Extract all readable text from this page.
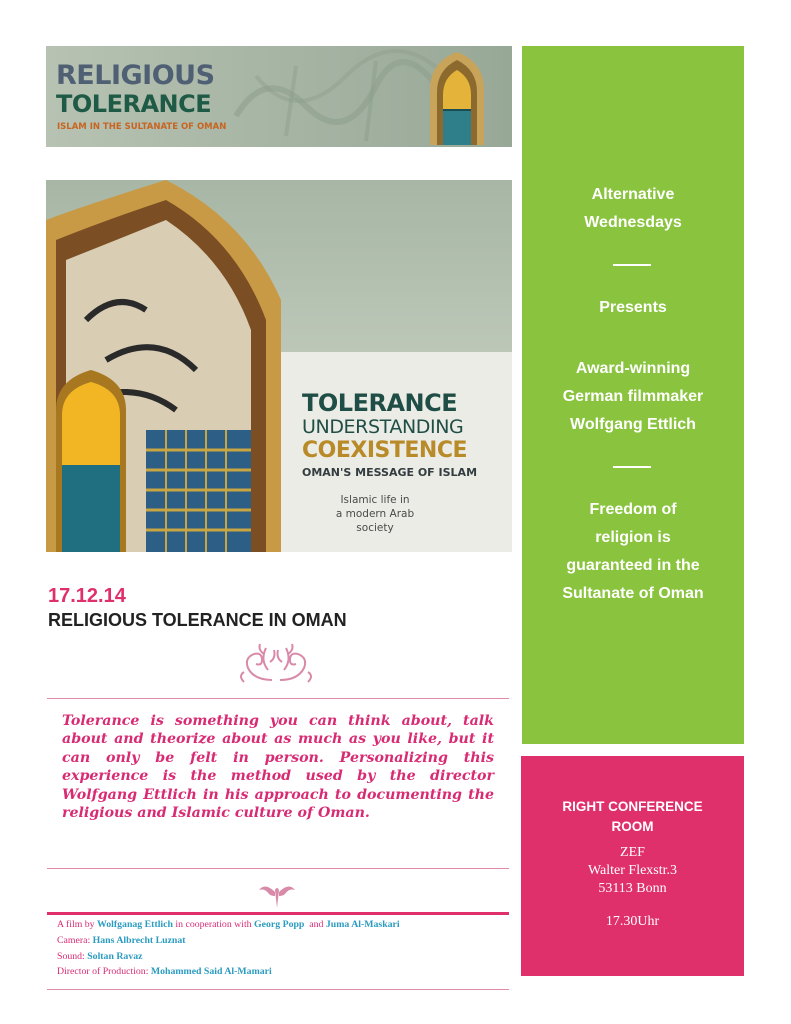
RELIGIOUS
TOLERANCE
ISLAM IN THE SULTANATE OF OMAN
TOLERANCE
UNDERSTANDING
COEXISTENCE
OMAN'S MESSAGE OF ISLAM
Islamic life in
a modern Arab society
17.12.14
RELIGIOUS TOLERANCE IN OMAN
Tolerance is something you can think about, talk about and theorize about as much as you like, but it can only be felt in person. Personalizing this experience is the method used by the director Wolfgang Ettlich in his approach to documenting the religious and Islamic culture of Oman.
A film by Wolfganag Ettlich in cooperation with Georg Popp  and Juma Al-Maskari
Camera: Hans Albrecht Luznat
Sound: Soltan Ravaz
Director of Production: Mohammed Said Al-Mamari
Alternative
Wednesdays
Presents
Award-winning
German filmmaker
Wolfgang Ettlich
Freedom of
religion is
guaranteed in the
Sultanate of Oman
RIGHT CONFERENCE
ROOM
ZEF
Walter Flexstr.3
53113 Bonn
17.30Uhr
